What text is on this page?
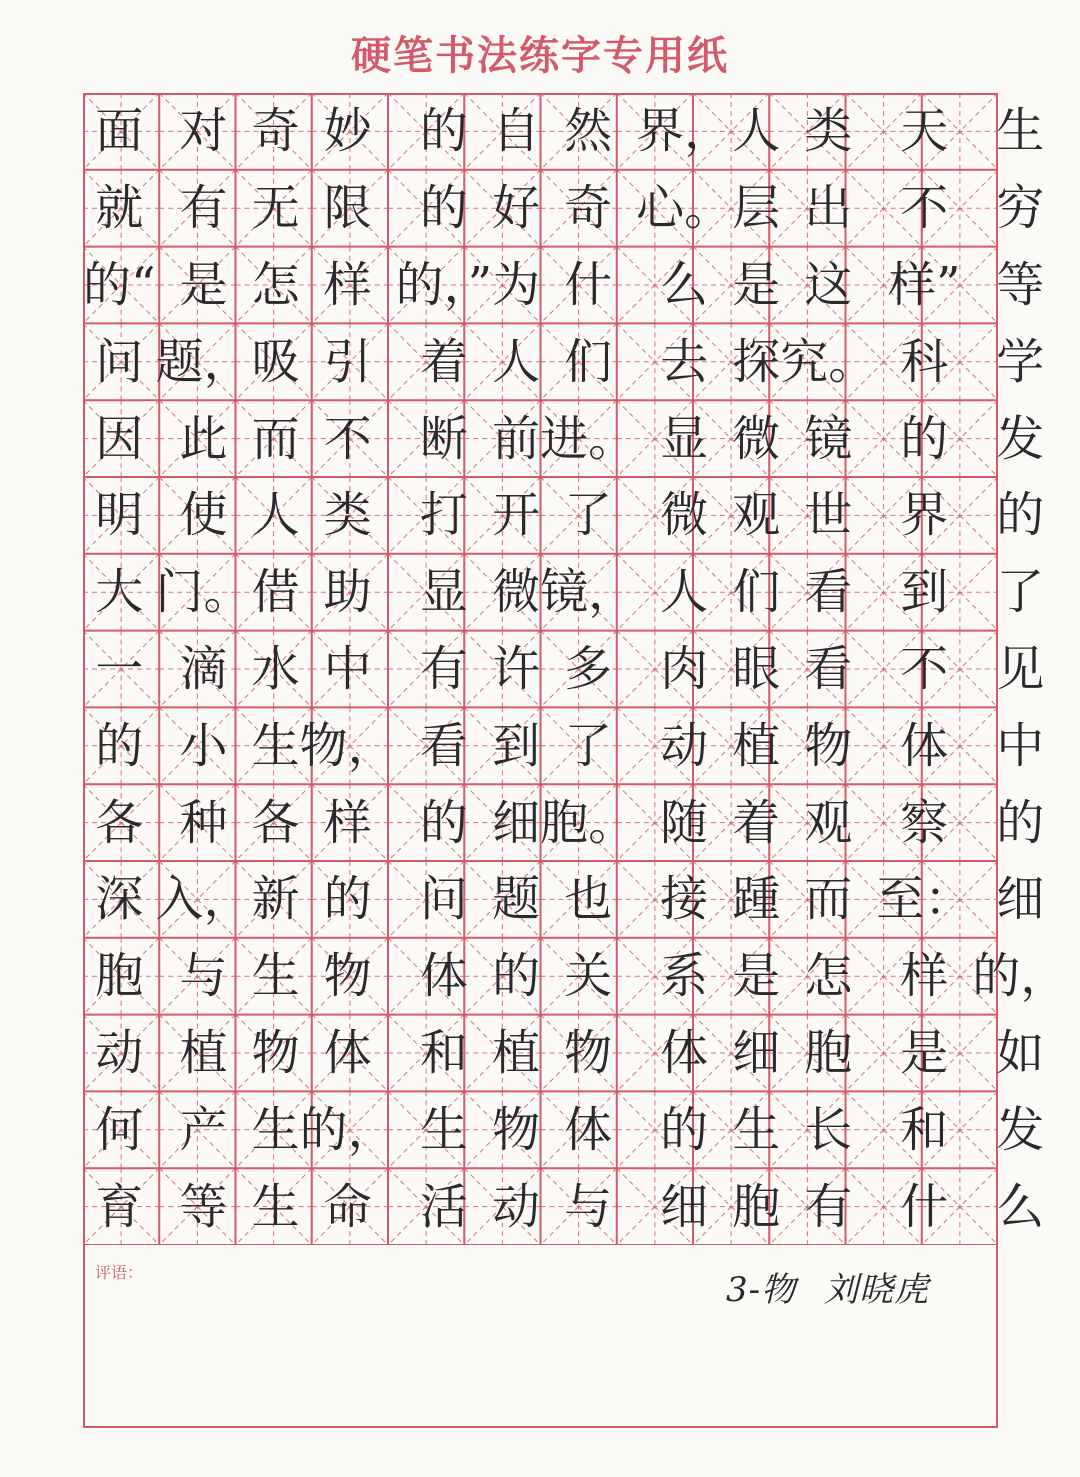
硬笔书法练字专用纸
面 对 奇 妙	的 自 然 界， 人 类	天	生
就 有 无 限	的 好 奇 心。 层 出	不	穷
的“ 是 怎 样 的，” 为 什	么 是 这 样” 等
问 题， 吸 引	着 人 们	去 探 究。 科	学
因 此 而 不	断 前 进。 显 微 镜	的	发
明 使 人 类	打 开 了	微 观 世	界	的
大 门。 借 助	显 微 镜， 人 们 看	到	了
一 滴 水 中	有 许 多	肉 眼 看	不	见
的 小 生 物， 看 到 了	动 植 物	体	中
各 种 各 样	的 细 胞。 随 着 观	察	的
深 入， 新 的	问 题 也	接 踵 而 至： 细
胞 与 生 物	体 的 关	系 是 怎	样 的，
动 植 物 体	和 植 物	体 细 胞	是	如
何 产 生 的， 生 物 体	的 生 长	和	发
育 等 生 命	活 动 与	细 胞 有	什	么
评语：	3-物 刘晓虎
